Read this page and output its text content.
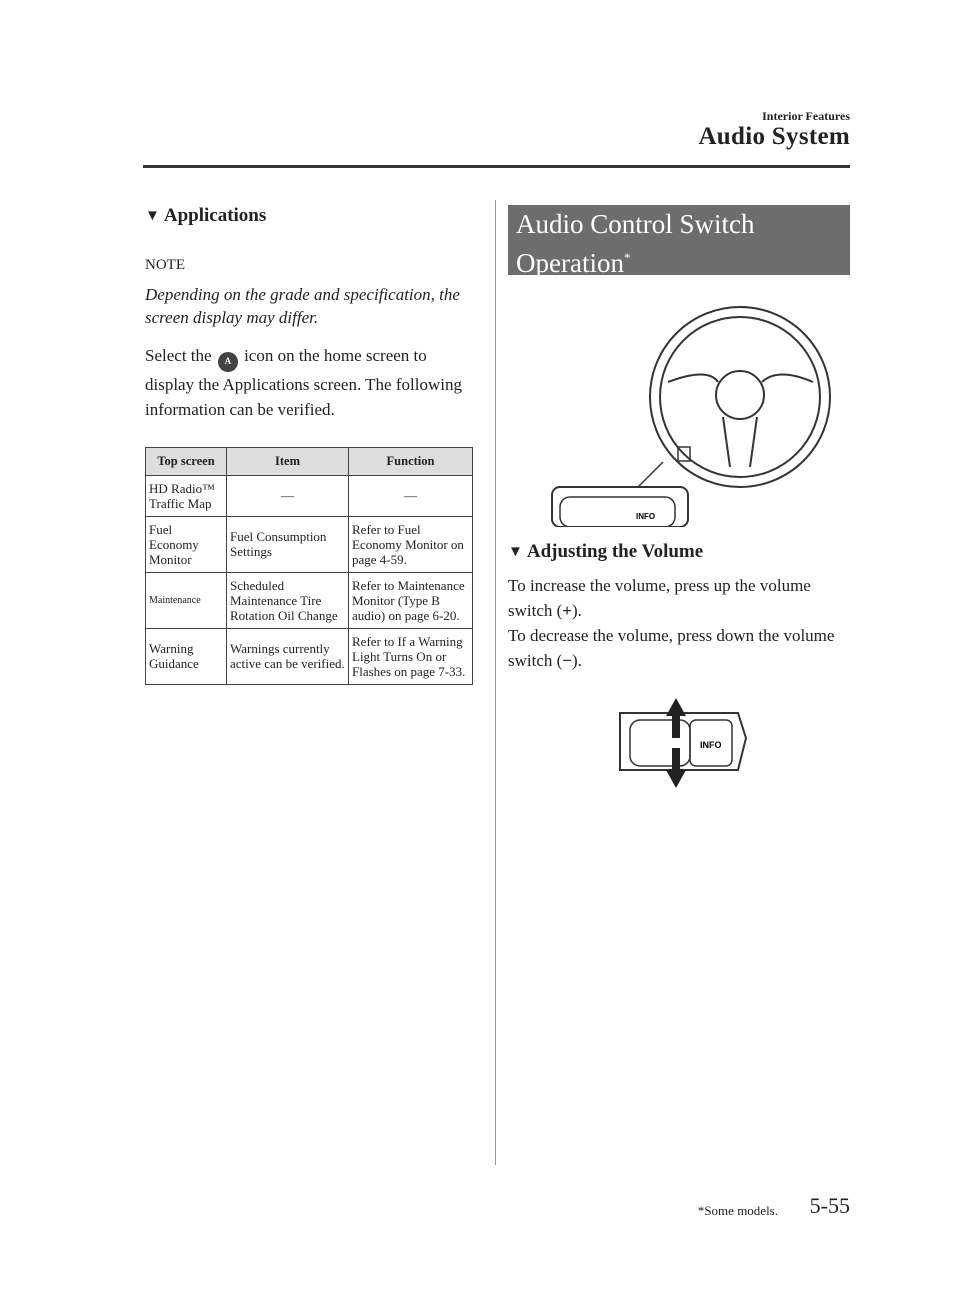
Interior Features
Audio System
▼ Applications
NOTE
Depending on the grade and specification, the screen display may differ.
Select the A icon on the home screen to display the Applications screen. The following information can be verified.
Top screen	Item	Function
HD Radio™ Traffic Map	—	—
Fuel Economy Monitor	Fuel Consumption Settings	Refer to Fuel Economy Monitor on page 4-59.
Maintenance	Scheduled Maintenance Tire Rotation Oil Change	Refer to Maintenance Monitor (Type B audio) on page 6-20.
Warning Guidance	Warnings currently active can be verified.	Refer to If a Warning Light Turns On or Flashes on page 7-33.
Audio Control Switch
Operation*
INFO
▼ Adjusting the Volume
To increase the volume, press up the volume switch (+).
To decrease the volume, press down the volume switch (−).
INFO
*Some models. 5-55
